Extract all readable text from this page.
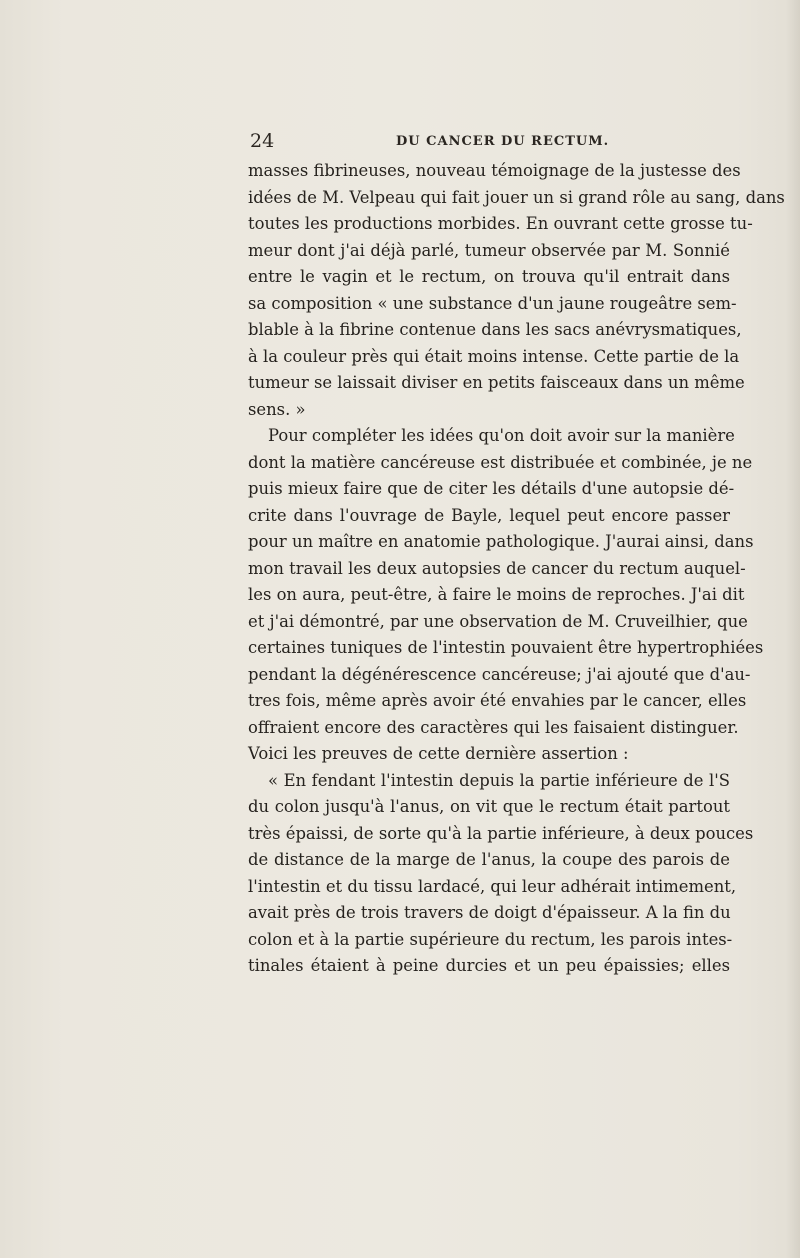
24	DU CANCER DU RECTUM.
masses fibrineuses, nouveau témoignage de la justesse des
idées de M. Velpeau qui fait jouer un si grand rôle au sang, dans
toutes les productions morbides. En ouvrant cette grosse tu-
meur dont j'ai déjà parlé, tumeur observée par M. Sonnié
entre le vagin et le rectum, on trouva qu'il entrait dans
sa composition « une substance d'un jaune rougeâtre sem-
blable à la fibrine contenue dans les sacs anévrysmatiques,
à la couleur près qui était moins intense. Cette partie de la
tumeur se laissait diviser en petits faisceaux dans un même
sens. »
Pour compléter les idées qu'on doit avoir sur la manière
dont la matière cancéreuse est distribuée et combinée, je ne
puis mieux faire que de citer les détails d'une autopsie dé-
crite dans l'ouvrage de Bayle, lequel peut encore passer
pour un maître en anatomie pathologique. J'aurai ainsi, dans
mon travail les deux autopsies de cancer du rectum auquel-
les on aura, peut-être, à faire le moins de reproches. J'ai dit
et j'ai démontré, par une observation de M. Cruveilhier, que
certaines tuniques de l'intestin pouvaient être hypertrophiées
pendant la dégénérescence cancéreuse; j'ai ajouté que d'au-
tres fois, même après avoir été envahies par le cancer, elles
offraient encore des caractères qui les faisaient distinguer.
Voici les preuves de cette dernière assertion :
« En fendant l'intestin depuis la partie inférieure de l'S
du colon jusqu'à l'anus, on vit que le rectum était partout
très épaissi, de sorte qu'à la partie inférieure, à deux pouces
de distance de la marge de l'anus, la coupe des parois de
l'intestin et du tissu lardacé, qui leur adhérait intimement,
avait près de trois travers de doigt d'épaisseur. A la fin du
colon et à la partie supérieure du rectum, les parois intes-
tinales étaient à peine durcies et un peu épaissies; elles
